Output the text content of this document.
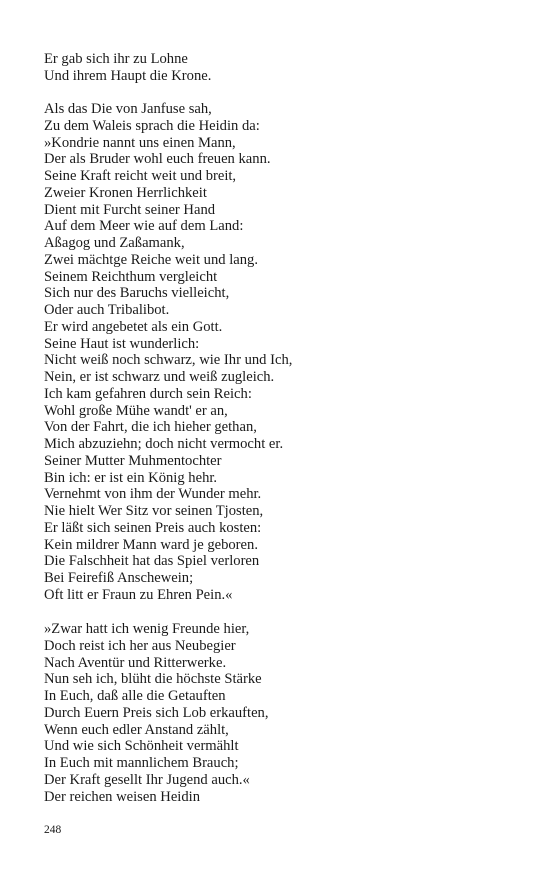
Er gab sich ihr zu Lohne
Und ihrem Haupt die Krone.
Als das Die von Janfuse sah,
Zu dem Waleis sprach die Heidin da:
»Kondrie nannt uns einen Mann,
Der als Bruder wohl euch freuen kann.
Seine Kraft reicht weit und breit,
Zweier Kronen Herrlichkeit
Dient mit Furcht seiner Hand
Auf dem Meer wie auf dem Land:
Aßagog und Zaßamank,
Zwei mächtge Reiche weit und lang.
Seinem Reichthum vergleicht
Sich nur des Baruchs vielleicht,
Oder auch Tribalibot.
Er wird angebetet als ein Gott.
Seine Haut ist wunderlich:
Nicht weiß noch schwarz, wie Ihr und Ich,
Nein, er ist schwarz und weiß zugleich.
Ich kam gefahren durch sein Reich:
Wohl große Mühe wandt' er an,
Von der Fahrt, die ich hieher gethan,
Mich abzuziehn; doch nicht vermocht er.
Seiner Mutter Muhmentochter
Bin ich: er ist ein König hehr.
Vernehmt von ihm der Wunder mehr.
Nie hielt Wer Sitz vor seinen Tjosten,
Er läßt sich seinen Preis auch kosten:
Kein mildrer Mann ward je geboren.
Die Falschheit hat das Spiel verloren
Bei Feirefiß Anschewein;
Oft litt er Fraun zu Ehren Pein.«
»Zwar hatt ich wenig Freunde hier,
Doch reist ich her aus Neubegier
Nach Aventür und Ritterwerke.
Nun seh ich, blüht die höchste Stärke
In Euch, daß alle die Getauften
Durch Euern Preis sich Lob erkauften,
Wenn euch edler Anstand zählt,
Und wie sich Schönheit vermählt
In Euch mit mannlichem Brauch;
Der Kraft gesellt Ihr Jugend auch.«
Der reichen weisen Heidin
248
